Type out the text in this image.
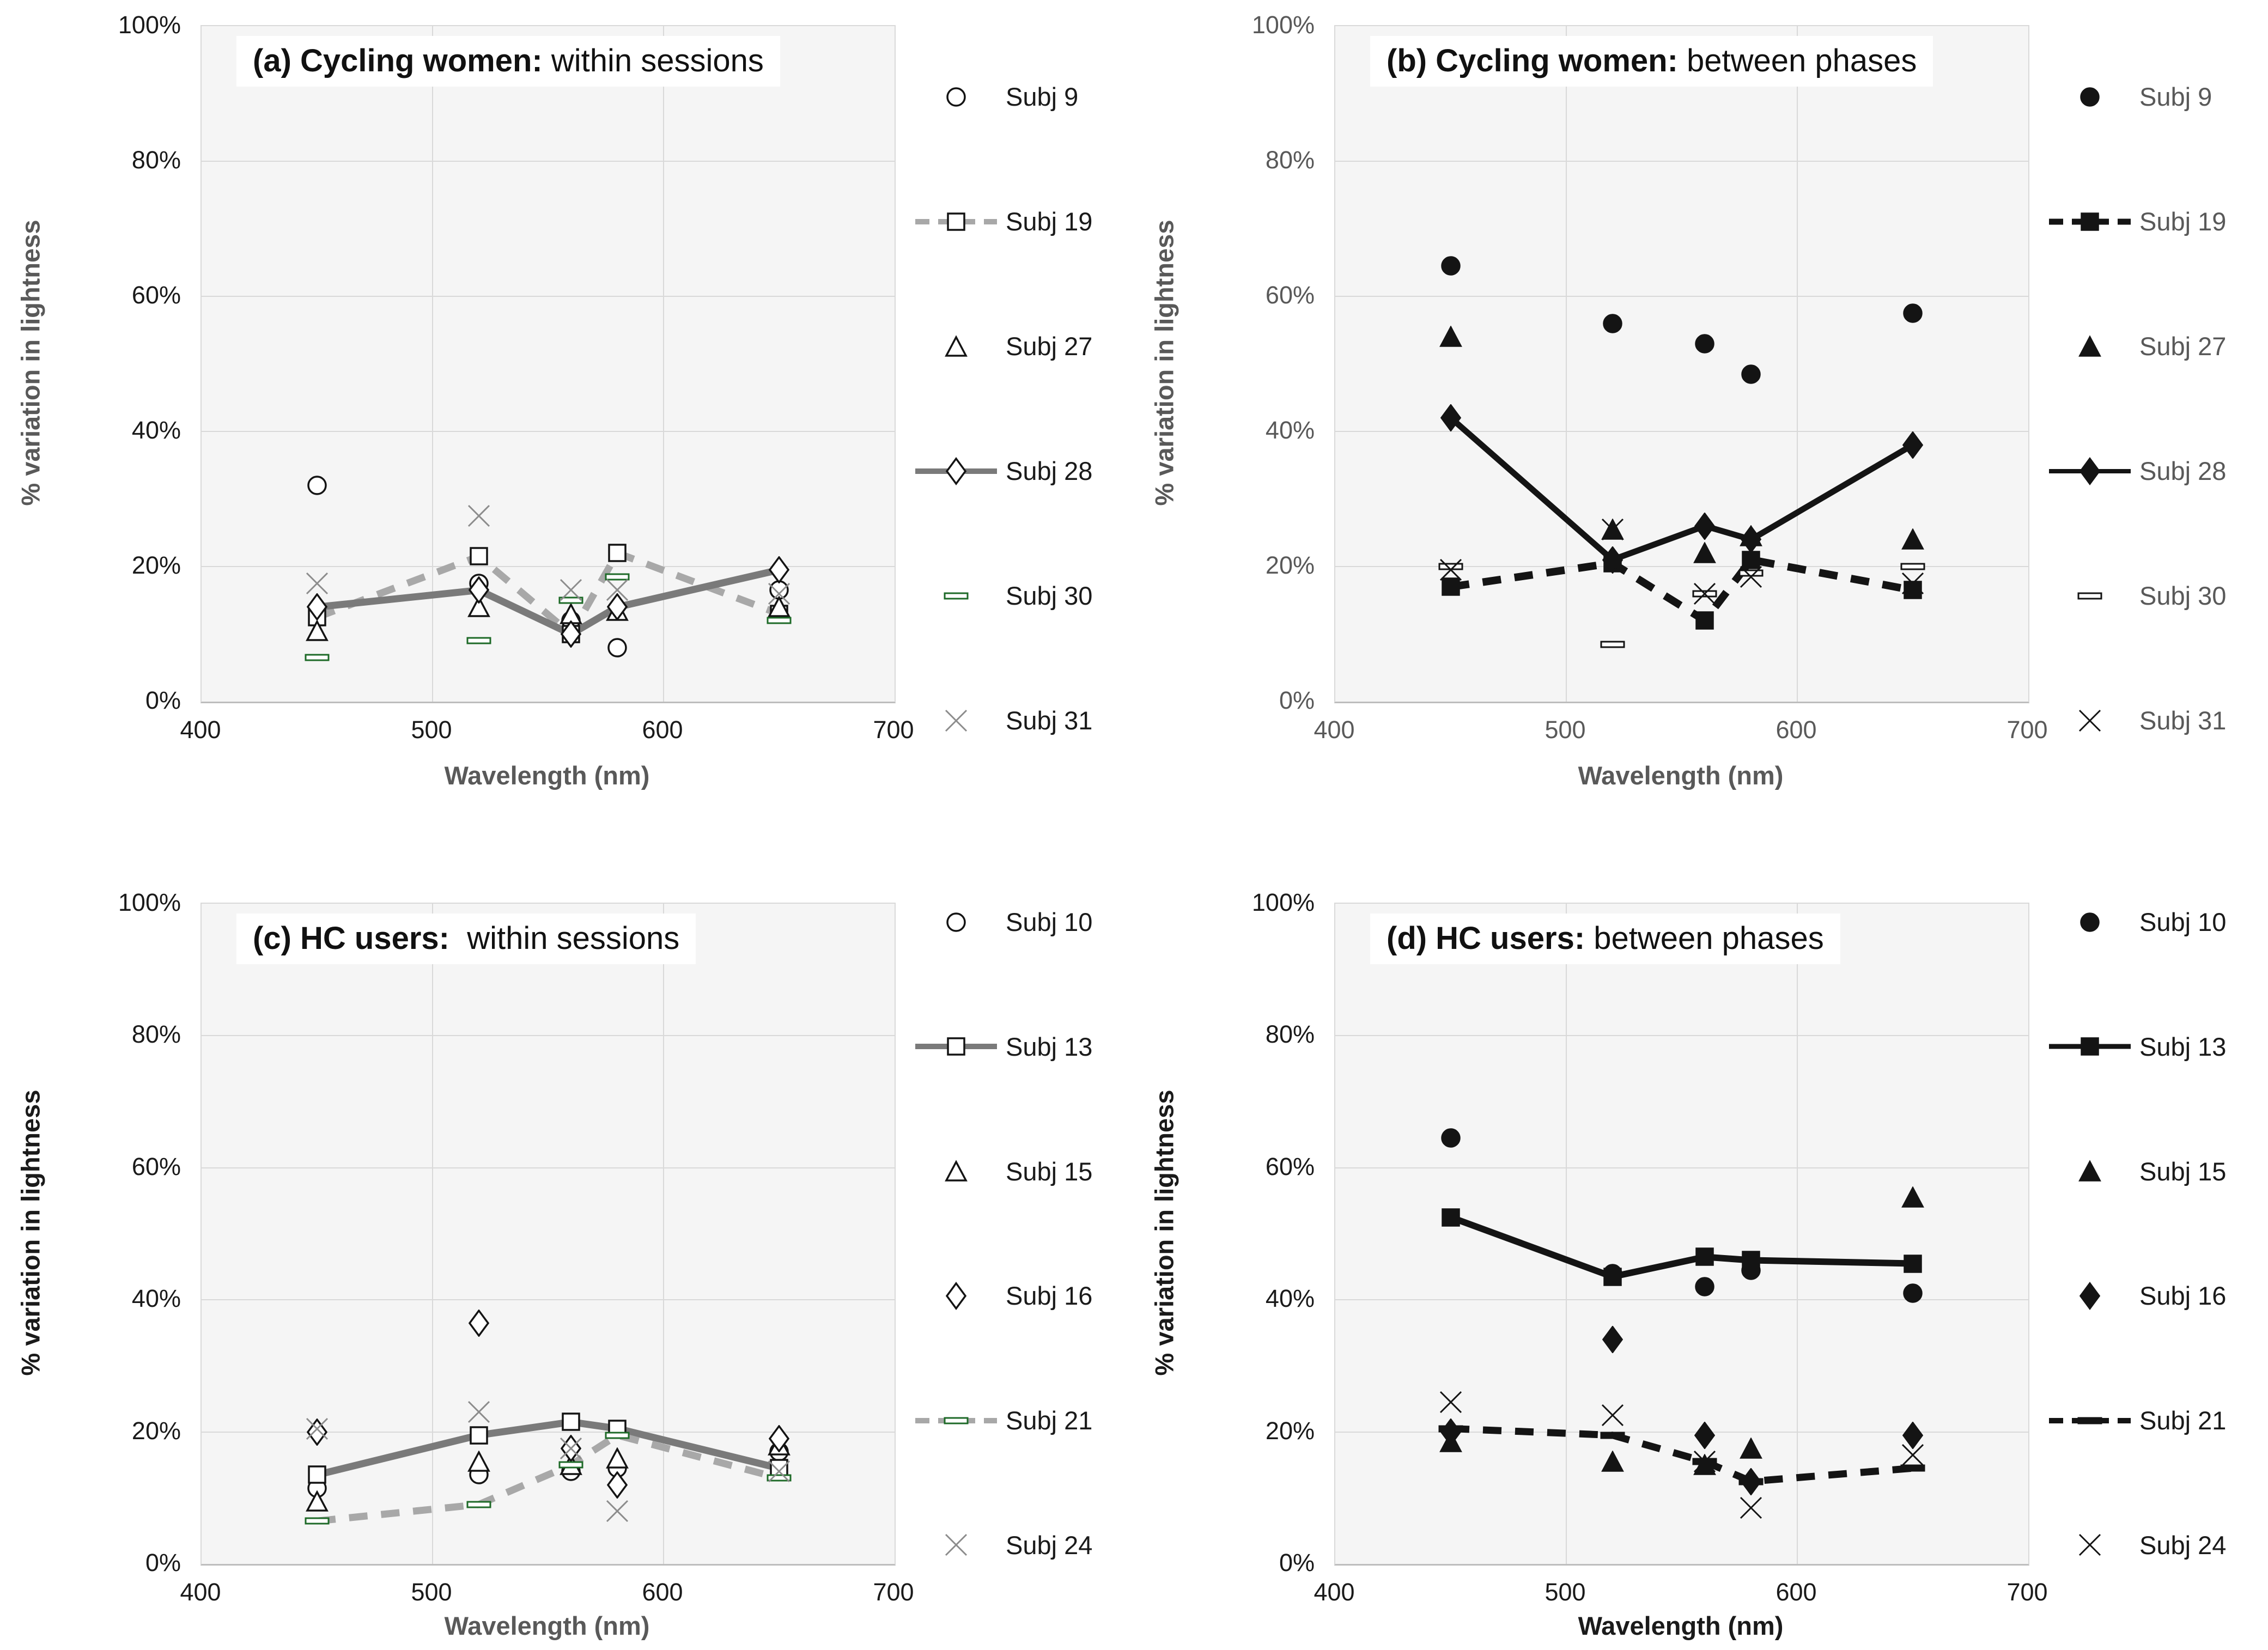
% variation in lightness
(a) Cycling women: within sessions
Wavelength (nm)
Subj 9
Subj 19
Subj 27
Subj 28
Subj 30
Subj 31
0%
20%
40%
60%
80%
100%
400	500	600	700
% variation in lightness
(b) Cycling women: between phases
Wavelength (nm)
Subj 9
Subj 19
Subj 27
Subj 28
Subj 30
Subj 31
0%
20%
40%
60%
80%
100%
400	500	600	700
% variation in lightness
(c) HC users:  within sessions
Wavelength (nm)
Subj 10
Subj 13
Subj 15
Subj 16
Subj 21
Subj 24
0%
20%
40%
60%
80%
100%
400	500	600	700
% variation in lightness
(d) HC users: between phases
Wavelength (nm)
Subj 10
Subj 13
Subj 15
Subj 16
Subj 21
Subj 24
0%
20%
40%
60%
80%
100%
400	500	600	700
